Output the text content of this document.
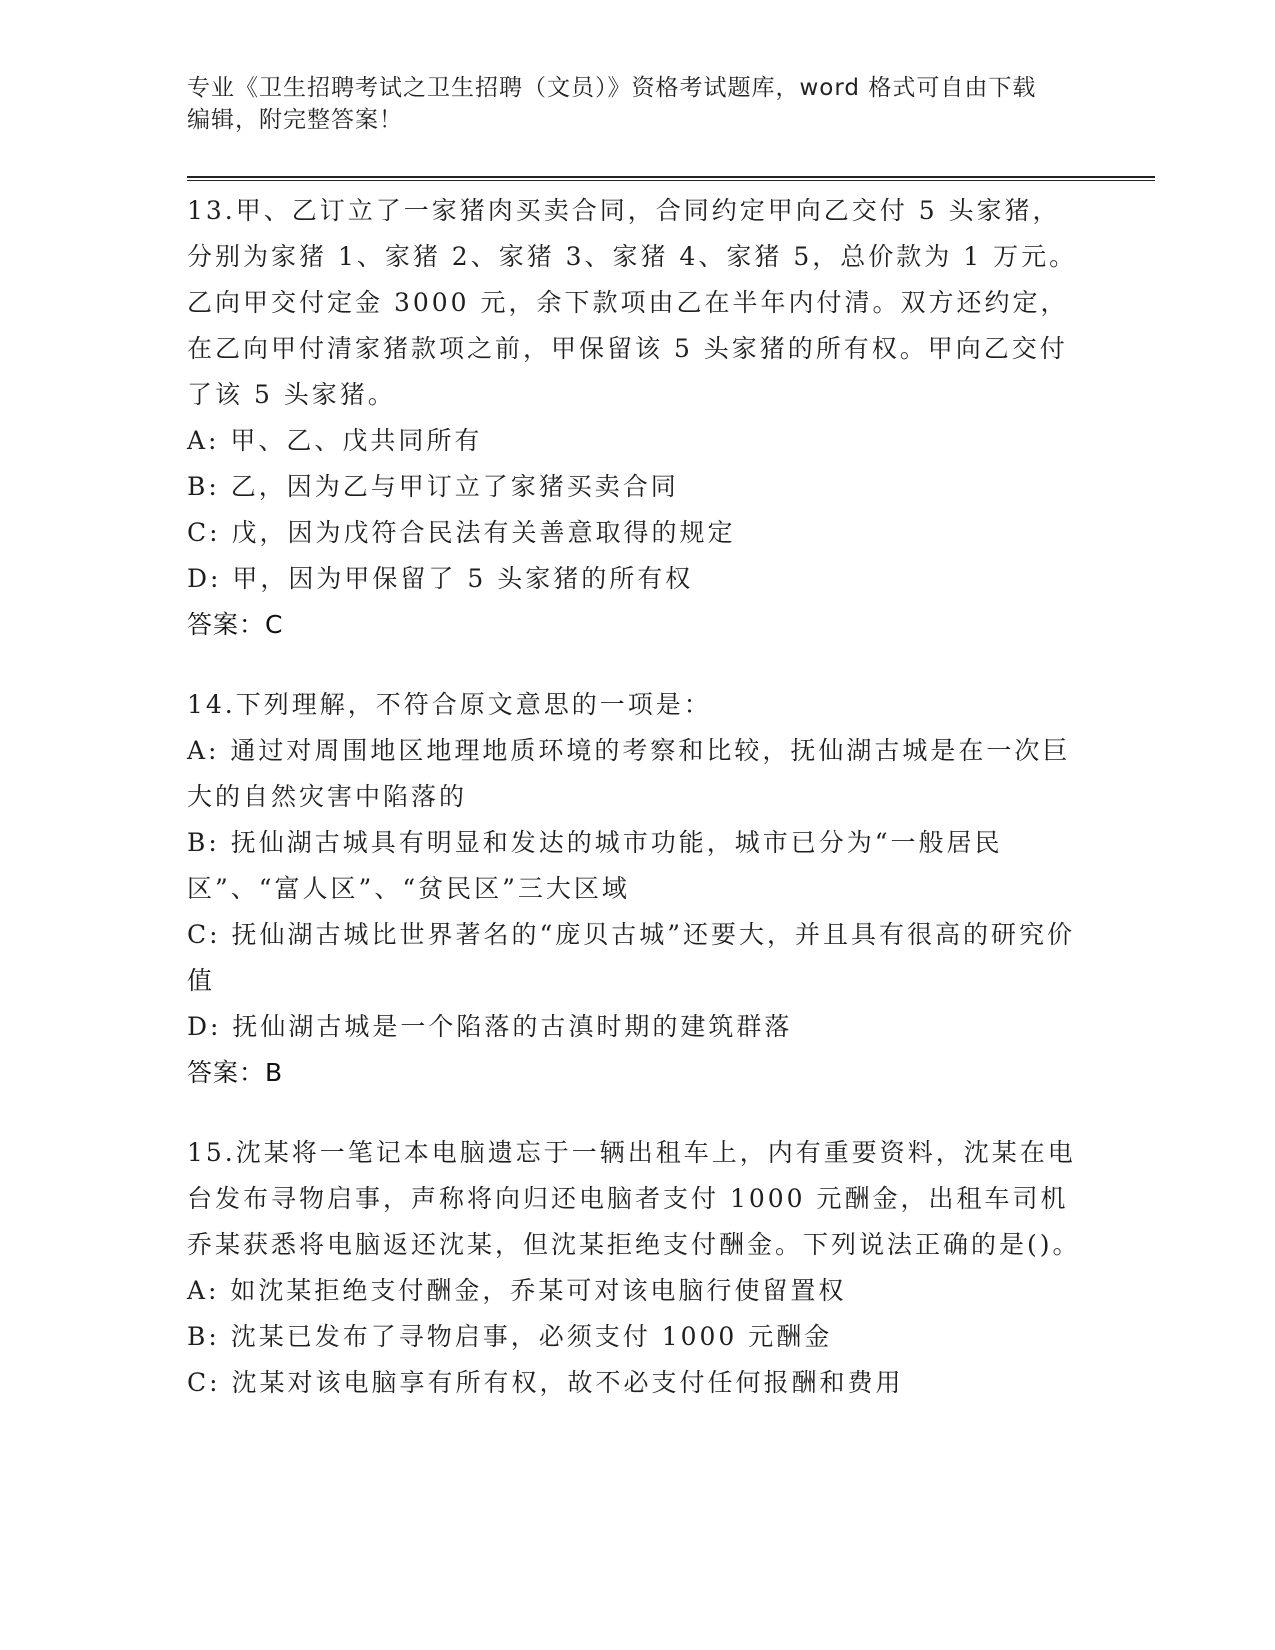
专业《卫生招聘考试之卫生招聘（文员）》资格考试题库，word 格式可自由下载
编辑，附完整答案！

13.甲、乙订立了一家猪肉买卖合同，合同约定甲向乙交付 5 头家猪，分别为家猪 1、家猪 2、家猪 3、家猪 4、家猪 5，总价款为 1 万元。乙向甲交付定金 3000 元，余下款项由乙在半年内付清。双方还约定，在乙向甲付清家猪款项之前，甲保留该 5 头家猪的所有权。甲向乙交付了该 5 头家猪。

A: 甲、乙、戊共同所有

B: 乙，因为乙与甲订立了家猪买卖合同

C: 戊，因为戊符合民法有关善意取得的规定

D: 甲，因为甲保留了 5 头家猪的所有权

答案：C

14.下列理解，不符合原文意思的一项是：

A: 通过对周围地区地理地质环境的考察和比较，抚仙湖古城是在一次巨大的自然灾害中陷落的

B: 抚仙湖古城具有明显和发达的城市功能，城市已分为“一般居民区”、“富人区”、“贫民区”三大区域

C: 抚仙湖古城比世界著名的“庞贝古城”还要大，并且具有很高的研究价值

D: 抚仙湖古城是一个陷落的古滇时期的建筑群落

答案：B

15.沈某将一笔记本电脑遗忘于一辆出租车上，内有重要资料，沈某在电台发布寻物启事，声称将向归还电脑者支付 1000 元酬金，出租车司机乔某获悉将电脑返还沈某，但沈某拒绝支付酬金。下列说法正确的是()。

A: 如沈某拒绝支付酬金，乔某可对该电脑行使留置权

B: 沈某已发布了寻物启事，必须支付 1000 元酬金

C: 沈某对该电脑享有所有权，故不必支付任何报酬和费用
